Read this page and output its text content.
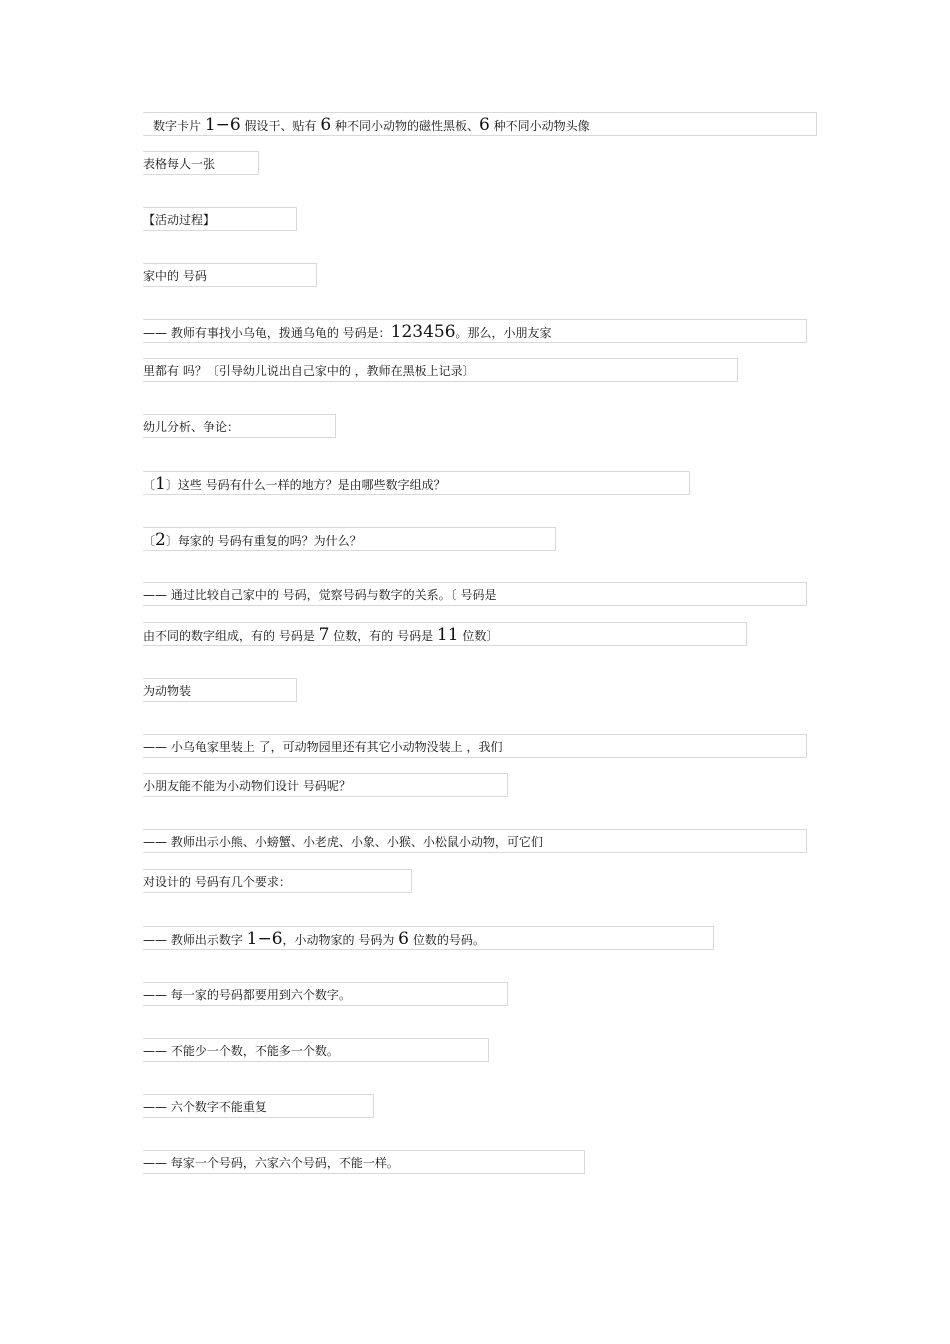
数字卡片 1−6 假设干、贴有 6 种不同小动物的磁性黑板、6 种不同小动物头像
表格每人一张
【活动过程】
家中的 号码
—— 教师有事找小乌龟，拨通乌龟的 号码是：123456。那么，小朋友家
里都有 吗？〔引导幼儿说出自己家中的 ，教师在黑板上记录〕
幼儿分析、争论：
〔1〕这些 号码有什么一样的地方？是由哪些数字组成？
〔2〕每家的 号码有重复的吗？为什么？
—— 通过比较自己家中的 号码，觉察号码与数字的关系。〔 号码是
由不同的数字组成，有的 号码是 7 位数，有的 号码是 11 位数〕
为动物装
—— 小乌龟家里装上 了，可动物园里还有其它小动物没装上 ，我们
小朋友能不能为小动物们设计 号码呢？
—— 教师出示小熊、小螃蟹、小老虎、小象、小猴、小松鼠小动物，可它们
对设计的 号码有几个要求：
—— 教师出示数字 1−6，小动物家的 号码为 6 位数的号码。
—— 每一家的号码都要用到六个数字。
—— 不能少一个数，不能多一个数。
—— 六个数字不能重复
—— 每家一个号码，六家六个号码，不能一样。
